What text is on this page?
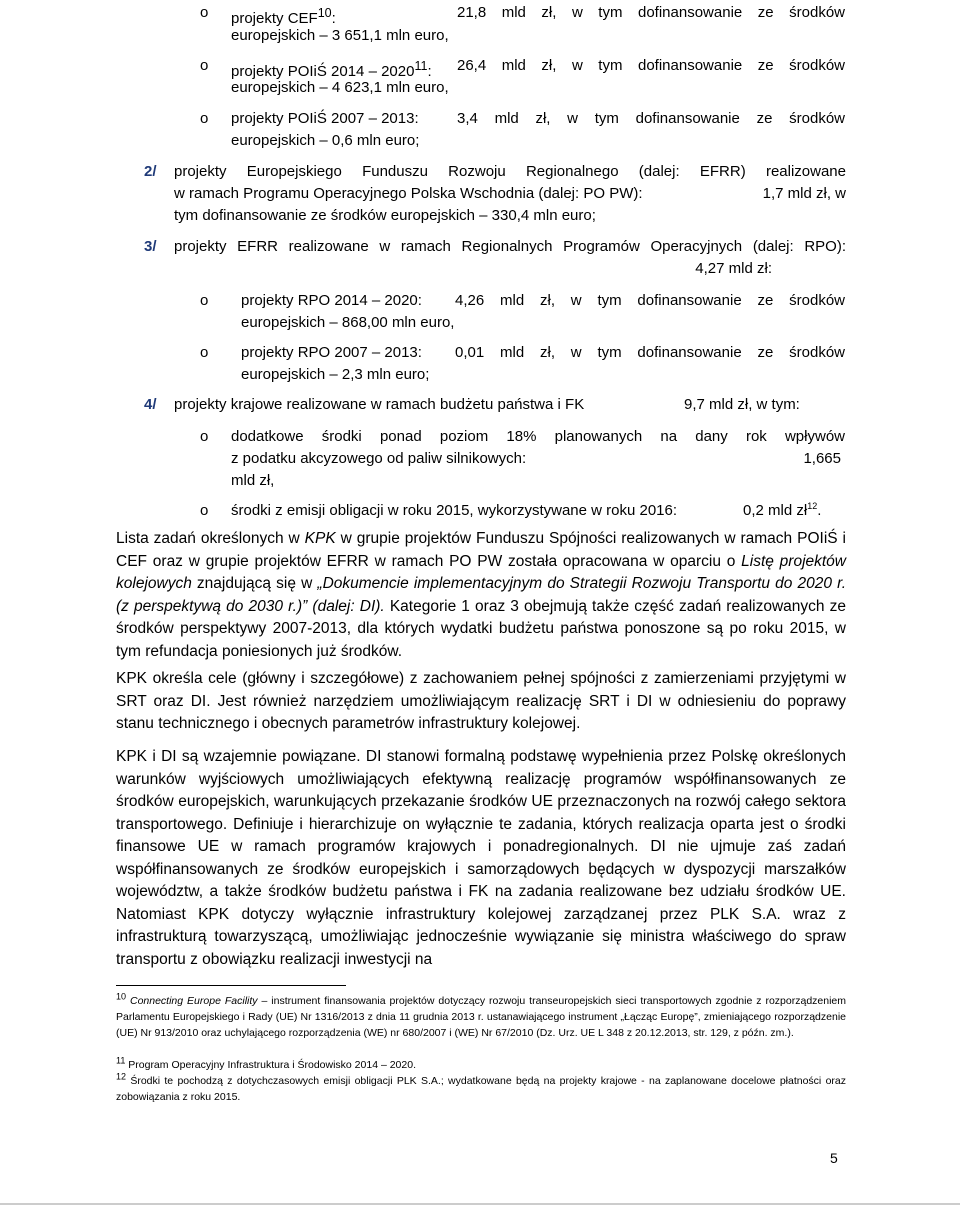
o projekty CEF$^{10}$:	21,8 mld zł, w tym dofinansowanie ze środków
europejskich – 3 651,1 mln euro,
o projekty POIiŚ 2014 – 2020$^{11}$: 26,4 mld zł, w tym dofinansowanie ze środków
europejskich – 4 623,1 mln euro,
o projekty POIiŚ 2007 – 2013:	3,4 mld zł, w tym dofinansowanie ze środków
europejskich – 0,6 mln euro;
2/ projekty Europejskiego Funduszu Rozwoju Regionalnego (dalej: EFRR) realizowane
w ramach Programu Operacyjnego Polska Wschodnia (dalej: PO PW):	1,7 mld zł, w
tym dofinansowanie ze środków europejskich – 330,4 mln euro;
3/ projekty EFRR realizowane w ramach Regionalnych Programów Operacyjnych (dalej: RPO):
4,27 mld zł:
o projekty RPO 2014 – 2020: 4,26 mld zł, w tym dofinansowanie ze środków
europejskich – 868,00 mln euro,
o projekty RPO 2007 – 2013: 0,01 mld zł, w tym dofinansowanie ze środków
europejskich – 2,3 mln euro;
4/ projekty krajowe realizowane w ramach budżetu państwa i FK	9,7 mld zł, w tym:
o dodatkowe środki ponad poziom 18% planowanych na dany rok wpływów
z podatku akcyzowego od paliw silnikowych:	1,665
mld zł,
o środki z emisji obligacji w roku 2015, wykorzystywane w roku 2016:	0,2 mld $zł^{12}$.
Lista zadań określonych w KPK w grupie projektów Funduszu Spójności realizowanych w ramach POIiŚ i CEF oraz w grupie projektów EFRR w ramach PO PW została opracowana w oparciu o Listę projektów kolejowych znajdującą się w „Dokumencie implementacyjnym do Strategii Rozwoju Transportu do 2020 r. (z perspektywą do 2030 r.)” (dalej: DI). Kategorie 1 oraz 3 obejmują także część zadań realizowanych ze środków perspektywy 2007-2013, dla których wydatki budżetu państwa ponoszone są po roku 2015, w tym refundacja poniesionych już środków.
KPK określa cele (główny i szczegółowe) z zachowaniem pełnej spójności z zamierzeniami przyjętymi w SRT oraz DI. Jest również narzędziem umożliwiającym realizację SRT i DI w odniesieniu do poprawy stanu technicznego i obecnych parametrów infrastruktury kolejowej.
KPK i DI są wzajemnie powiązane. DI stanowi formalną podstawę wypełnienia przez Polskę określonych warunków wyjściowych umożliwiających efektywną realizację programów współfinansowanych ze środków europejskich, warunkujących przekazanie środków UE przeznaczonych na rozwój całego sektora transportowego. Definiuje i hierarchizuje on wyłącznie te zadania, których realizacja oparta jest o środki finansowe UE w ramach programów krajowych i ponadregionalnych. DI nie ujmuje zaś zadań współfinansowanych ze środków europejskich i samorządowych będących w dyspozycji marszałków województw, a także środków budżetu państwa i FK na zadania realizowane bez udziału środków UE. Natomiast KPK dotyczy wyłącznie infrastruktury kolejowej zarządzanej przez PLK S.A. wraz z infrastrukturą towarzyszącą, umożliwiając jednocześnie wywiązanie się ministra właściwego do spraw transportu z obowiązku realizacji inwestycji na
$^{10}$ Connecting Europe Facility – instrument finansowania projektów dotyczący rozwoju transeuropejskich sieci transportowych zgodnie z rozporządzeniem Parlamentu Europejskiego i Rady (UE) Nr 1316/2013 z dnia 11 grudnia 2013 r. ustanawiającego instrument „Łącząc Europę”, zmieniającego rozporządzenie (UE) Nr 913/2010 oraz uchylającego rozporządzenia (WE) nr 680/2007 i (WE) Nr 67/2010 (Dz. Urz. UE L 348 z 20.12.2013, str. 129, z późn. zm.).
$^{11}$ Program Operacyjny Infrastruktura i Środowisko 2014 – 2020.
$^{12}$ Środki te pochodzą z dotychczasowych emisji obligacji PLK S.A.; wydatkowane będą na projekty krajowe - na zaplanowane docelowe płatności oraz zobowiązania z roku 2015.
5
